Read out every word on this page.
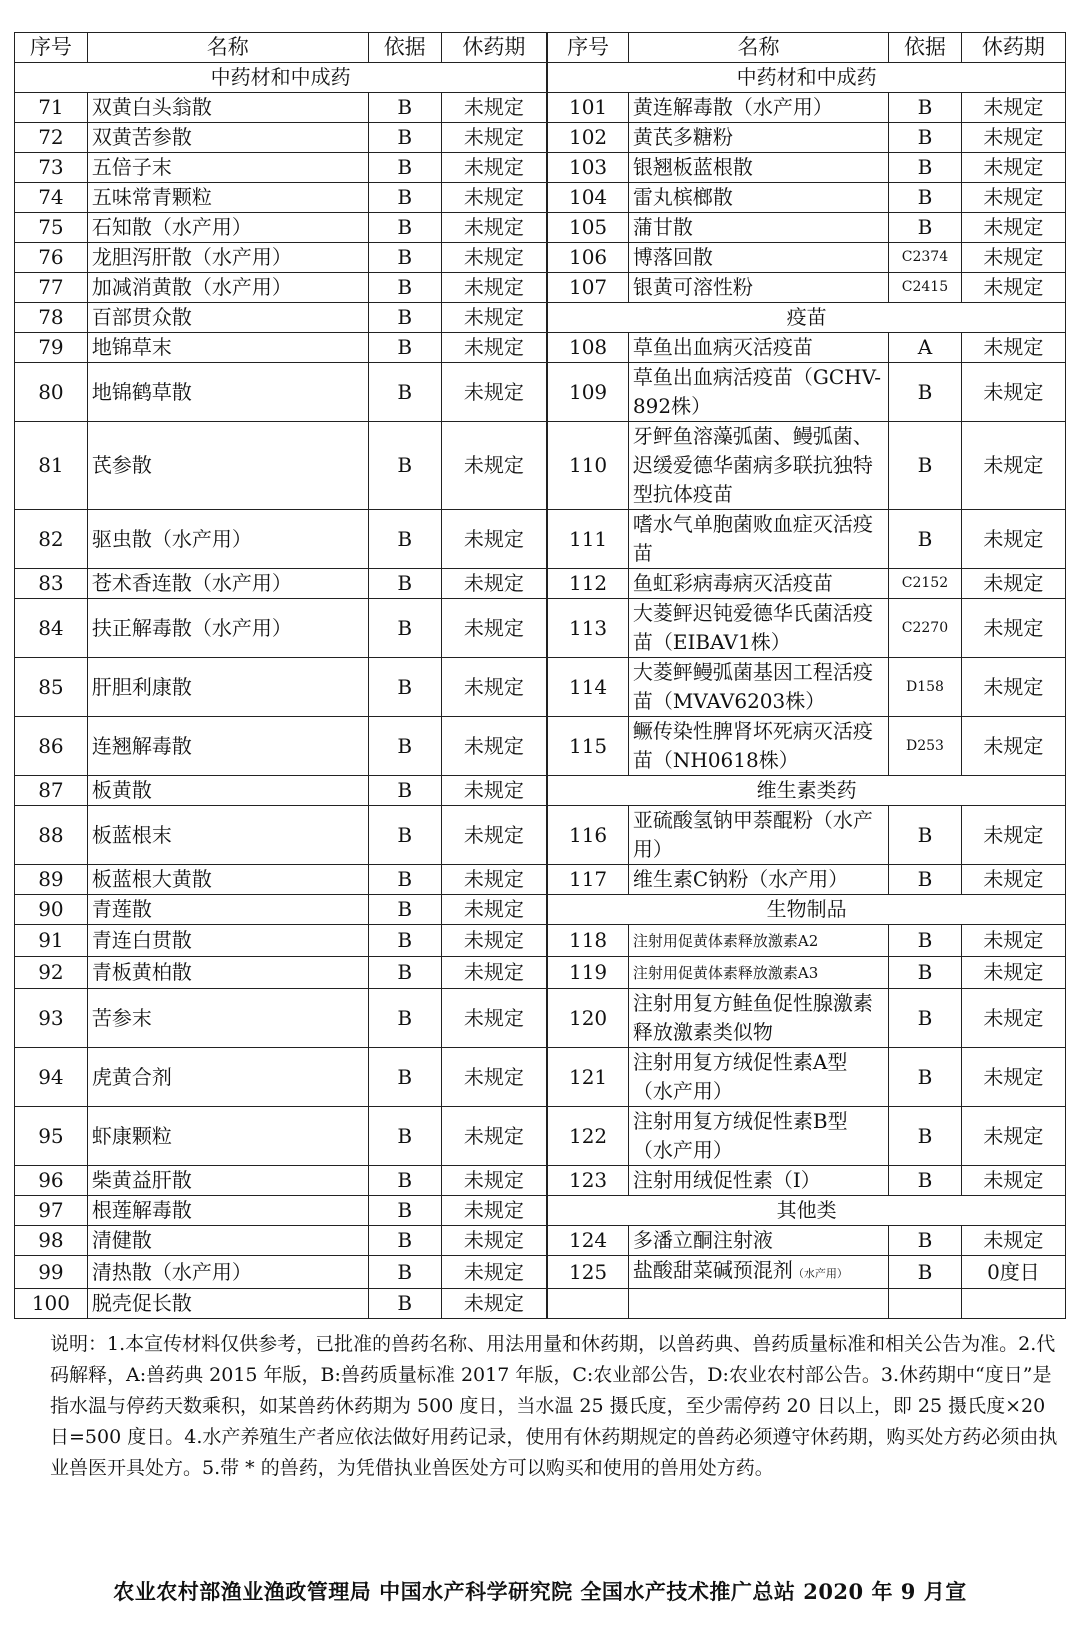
序号	名称	依据	休药期	序号	名称	依据	休药期
中药材和中成药				中药材和中成药			
71	双黄白头翁散	B	未规定	101	黄连解毒散（水产用）	B	未规定
72	双黄苦参散	B	未规定	102	黄芪多糖粉	B	未规定
73	五倍子末	B	未规定	103	银翘板蓝根散	B	未规定
74	五味常青颗粒	B	未规定	104	雷丸槟榔散	B	未规定
75	石知散（水产用）	B	未规定	105	蒲甘散	B	未规定
76	龙胆泻肝散（水产用）	B	未规定	106	博落回散	C2374	未规定
77	加减消黄散（水产用）	B	未规定	107	银黄可溶性粉	C2415	未规定
78	百部贯众散	B	未规定	疫苗			
79	地锦草末	B	未规定	108	草鱼出血病灭活疫苗	A	未规定
80	地锦鹤草散	B	未规定	109	草鱼出血病活疫苗（GCHV-892株）	B	未规定
81	芪参散	B	未规定	110	牙鲆鱼溶藻弧菌、鳗弧菌、迟缓爱德华菌病多联抗独特型抗体疫苗	B	未规定
82	驱虫散（水产用）	B	未规定	111	嗜水气单胞菌败血症灭活疫苗	B	未规定
83	苍术香连散（水产用）	B	未规定	112	鱼虹彩病毒病灭活疫苗	C2152	未规定
84	扶正解毒散（水产用）	B	未规定	113	大菱鲆迟钝爱德华氏菌活疫苗（EIBAV1株）	C2270	未规定
85	肝胆利康散	B	未规定	114	大菱鲆鳗弧菌基因工程活疫苗（MVAV6203株）	D158	未规定
86	连翘解毒散	B	未规定	115	鳜传染性脾肾坏死病灭活疫苗（NH0618株）	D253	未规定
87	板黄散	B	未规定	维生素类药			
88	板蓝根末	B	未规定	116	亚硫酸氢钠甲萘醌粉（水产用）	B	未规定
89	板蓝根大黄散	B	未规定	117	维生素C钠粉（水产用）	B	未规定
90	青莲散	B	未规定	生物制品			
91	青连白贯散	B	未规定	118	注射用促黄体素释放激素A2	B	未规定
92	青板黄柏散	B	未规定	119	注射用促黄体素释放激素A3	B	未规定
93	苦参末	B	未规定	120	注射用复方鲑鱼促性腺激素释放激素类似物	B	未规定
94	虎黄合剂	B	未规定	121	注射用复方绒促性素A型（水产用）	B	未规定
95	虾康颗粒	B	未规定	122	注射用复方绒促性素B型（水产用）	B	未规定
96	柴黄益肝散	B	未规定	123	注射用绒促性素（I）	B	未规定
97	根莲解毒散	B	未规定	其他类			
98	清健散	B	未规定	124	多潘立酮注射液	B	未规定
99	清热散（水产用）	B	未规定	125	盐酸甜菜碱预混剂（水产用）	B	0度日
100	脱壳促长散	B	未规定				
说明：1.本宣传材料仅供参考，已批准的兽药名称、用法用量和休药期，以兽药典、兽药质量标准和相关公告为准。2.代码解释，A:兽药典 2015 年版，B:兽药质量标准 2017 年版，C:农业部公告，D:农业农村部公告。3.休药期中“度日”是指水温与停药天数乘积，如某兽药休药期为 500 度日，当水温 25 摄氏度，至少需停药 20 日以上，即 25 摄氏度×20 日=500 度日。4.水产养殖生产者应依法做好用药记录，使用有休药期规定的兽药必须遵守休药期，购买处方药必须由执业兽医开具处方。5.带 * 的兽药，为凭借执业兽医处方可以购买和使用的兽用处方药。
农业农村部渔业渔政管理局 中国水产科学研究院 全国水产技术推广总站 2020 年 9 月宣
